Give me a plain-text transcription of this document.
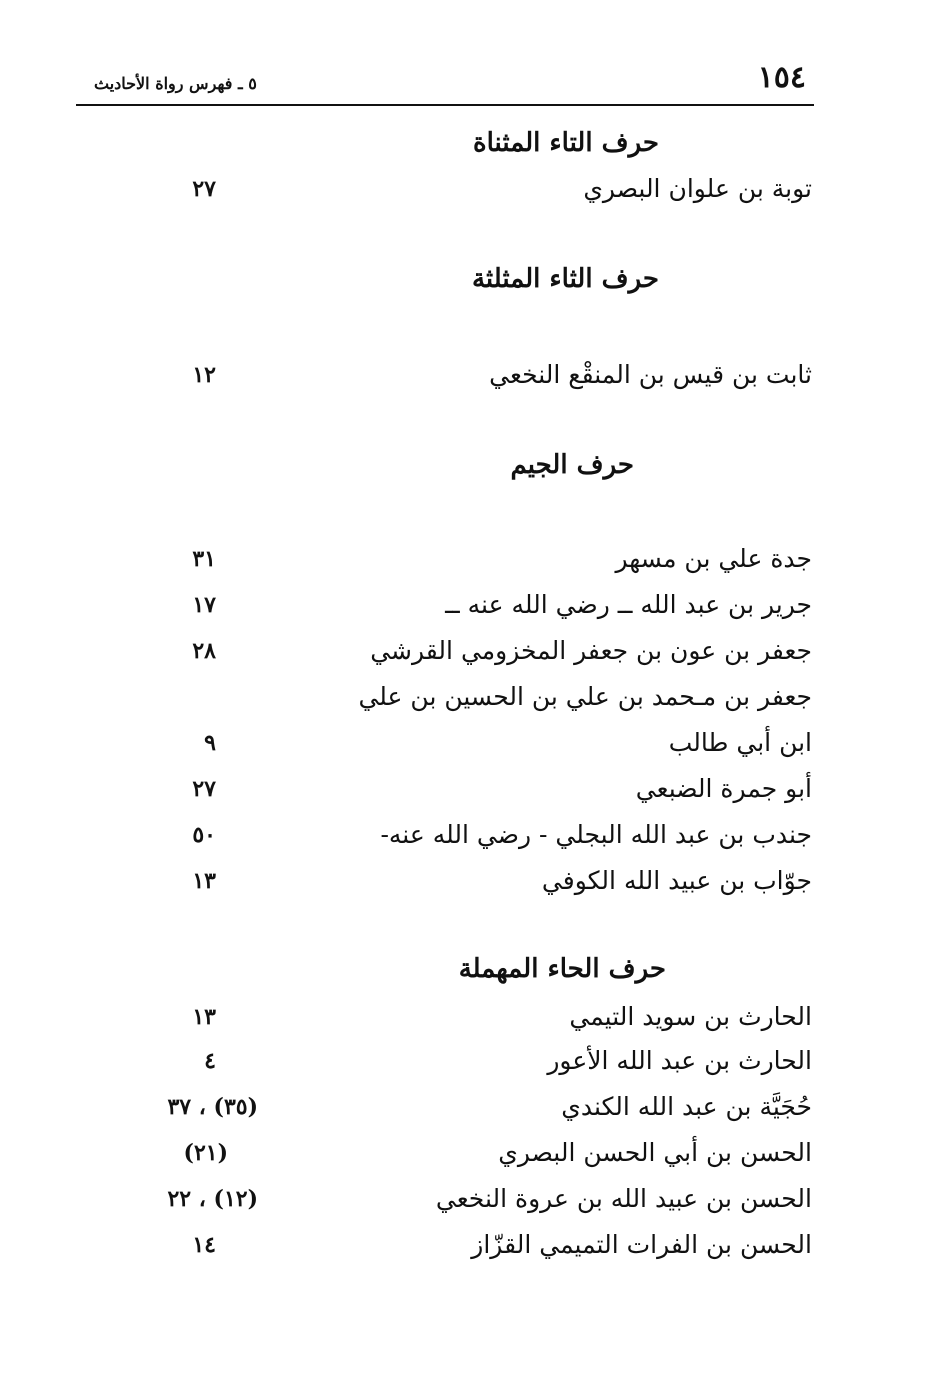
١٥٤
٥ ـ فهرس رواة الأحاديث
حرف التاء المثناة
توبة بن علوان البصري
٢٧
حرف الثاء المثلثة
ثابت بن قيس بن المنقْع النخعي
١٢
حرف الجيم
جدة علي بن مسهر
٣١
جرير بن عبد الله ــ رضي الله عنه ــ
١٧
جعفر بن عون بن جعفر المخزومي القرشي
٢٨
جعفر بن مـحمد بن علي بن الحسين بن علي
ابن أبي طالب
٩
أبو جمرة الضبعي
٢٧
جندب بن عبد الله البجلي - رضي الله عنه-
٥٠
جوّاب بن عبيد الله الكوفي
١٣
حرف الحاء المهملة
الحارث بن سويد التيمي
١٣
الحارث بن عبد الله الأعور
٤
حُجَيَّة بن عبد الله الكندي
(٣٥) ، ٣٧
الحسن بن أبي الحسن البصري
(٢١)
الحسن بن عبيد الله بن عروة النخعي
(١٢) ، ٢٢
الحسن بن الفرات التميمي القزّاز
١٤
